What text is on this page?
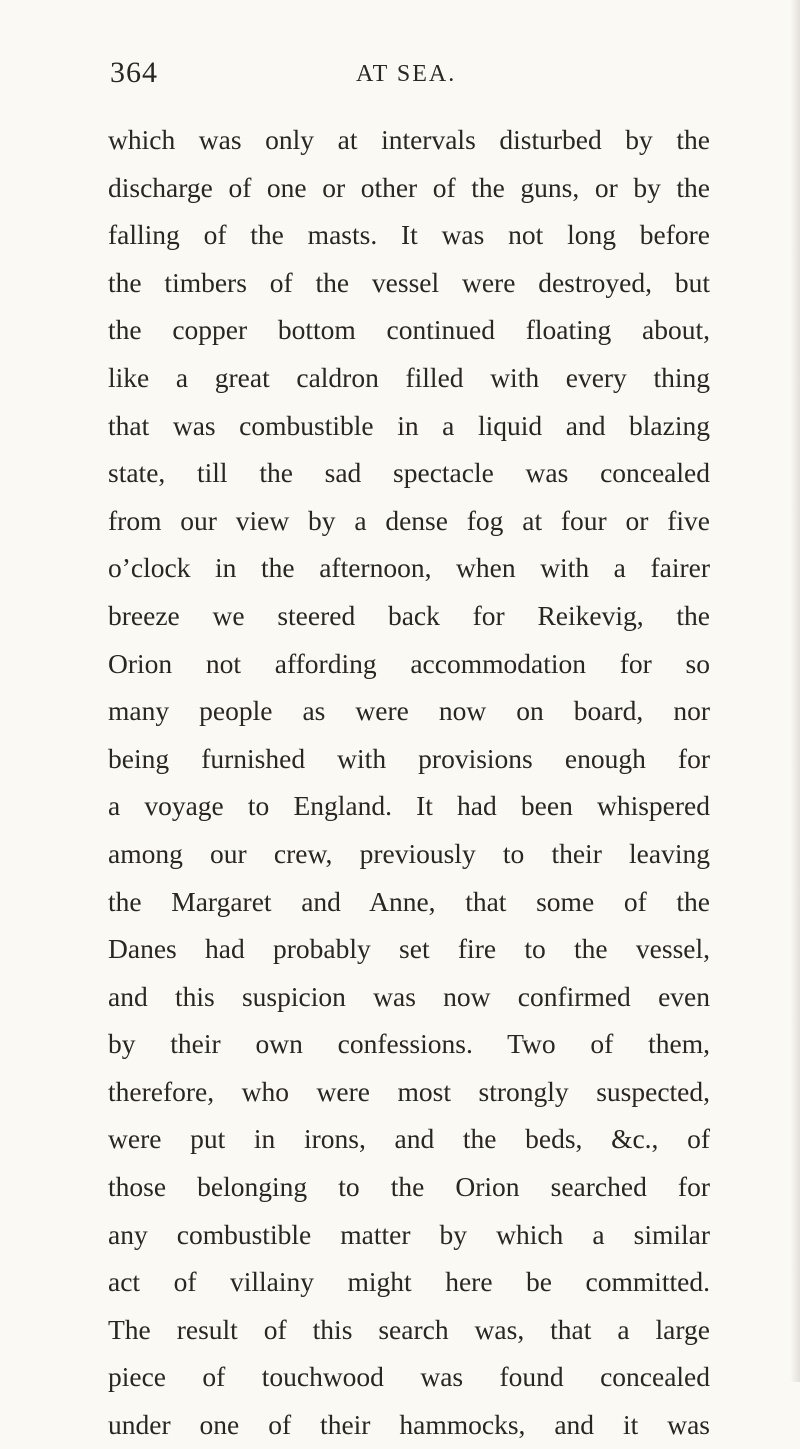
364	AT SEA.
which was only at intervals disturbed by the
discharge of one or other of the guns, or by the
falling of the masts. It was not long before
the timbers of the vessel were destroyed, but
the copper bottom continued floating about,
like a great caldron filled with every thing
that was combustible in a liquid and blazing
state, till the sad spectacle was concealed
from our view by a dense fog at four or five
o’clock in the afternoon, when with a fairer
breeze we steered back for Reikevig, the
Orion not affording accommodation for so
many people as were now on board, nor
being furnished with provisions enough for
a voyage to England. It had been whispered
among our crew, previously to their leaving
the Margaret and Anne, that some of the
Danes had probably set fire to the vessel,
and this suspicion was now confirmed even
by their own confessions. Two of them,
therefore, who were most strongly suspected,
were put in irons, and the beds, &c., of
those belonging to the Orion searched for
any combustible matter by which a similar
act of villainy might here be committed.
The result of this search was, that a large
piece of touchwood was found concealed
under one of their hammocks, and it was
